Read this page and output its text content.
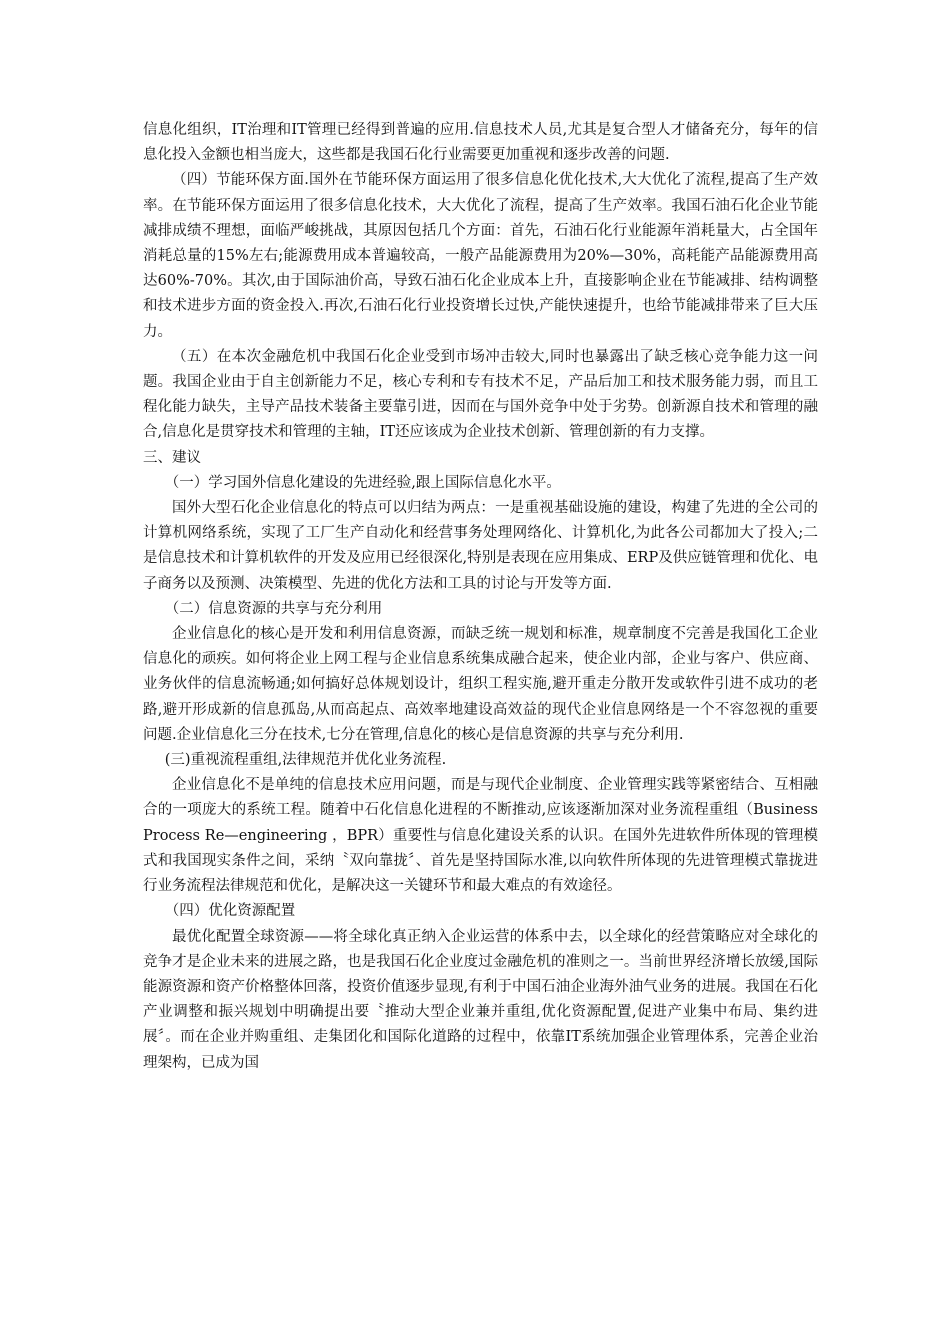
信息化组织，IT治理和IT管理已经得到普遍的应用.信息技术人员,尤其是复合型人才储备充分，每年的信息化投入金额也相当庞大，这些都是我国石化行业需要更加重视和逐步改善的问题.

（四）节能环保方面.国外在节能环保方面运用了很多信息化优化技术,大大优化了流程,提高了生产效率。在节能环保方面运用了很多信息化技术，大大优化了流程，提高了生产效率。我国石油石化企业节能减排成绩不理想，面临严峻挑战，其原因包括几个方面：首先，石油石化行业能源年消耗量大，占全国年消耗总量的15%左右;能源费用成本普遍较高，一般产品能源费用为20%—30%，高耗能产品能源费用高达60%-70%。其次,由于国际油价高，导致石油石化企业成本上升，直接影响企业在节能减排、结构调整和技术进步方面的资金投入.再次,石油石化行业投资增长过快,产能快速提升，也给节能减排带来了巨大压力。

（五）在本次金融危机中我国石化企业受到市场冲击较大,同时也暴露出了缺乏核心竞争能力这一问题。我国企业由于自主创新能力不足，核心专利和专有技术不足，产品后加工和技术服务能力弱，而且工程化能力缺失，主导产品技术装备主要靠引进，因而在与国外竞争中处于劣势。创新源自技术和管理的融合,信息化是贯穿技术和管理的主轴，IT还应该成为企业技术创新、管理创新的有力支撑。

三、建议

（一）学习国外信息化建设的先进经验,跟上国际信息化水平。

国外大型石化企业信息化的特点可以归结为两点：一是重视基础设施的建设，构建了先进的全公司的计算机网络系统，实现了工厂生产自动化和经营事务处理网络化、计算机化,为此各公司都加大了投入;二是信息技术和计算机软件的开发及应用已经很深化,特别是表现在应用集成、ERP及供应链管理和优化、电子商务以及预测、决策模型、先进的优化方法和工具的讨论与开发等方面.

（二）信息资源的共享与充分利用

企业信息化的核心是开发和利用信息资源，而缺乏统一规划和标准，规章制度不完善是我国化工企业信息化的顽疾。如何将企业上网工程与企业信息系统集成融合起来，使企业内部，企业与客户、供应商、业务伙伴的信息流畅通;如何搞好总体规划设计，组织工程实施,避开重走分散开发或软件引进不成功的老路,避开形成新的信息孤岛,从而高起点、高效率地建设高效益的现代企业信息网络是一个不容忽视的重要问题.企业信息化三分在技术,七分在管理,信息化的核心是信息资源的共享与充分利用.

(三)重视流程重组,法律规范并优化业务流程.

企业信息化不是单纯的信息技术应用问题，而是与现代企业制度、企业管理实践等紧密结合、互相融合的一项庞大的系统工程。随着中石化信息化进程的不断推动,应该逐渐加深对业务流程重组（Business Process Re—engineering ，BPR）重要性与信息化建设关系的认识。在国外先进软件所体现的管理模式和我国现实条件之间，采纳〝双向靠拢〞、首先是坚持国际水准,以向软件所体现的先进管理模式靠拢进行业务流程法律规范和优化，是解决这一关键环节和最大难点的有效途径。

（四）优化资源配置

最优化配置全球资源——将全球化真正纳入企业运营的体系中去，以全球化的经营策略应对全球化的竞争才是企业未来的进展之路，也是我国石化企业度过金融危机的准则之一。当前世界经济增长放缓,国际能源资源和资产价格整体回落，投资价值逐步显现,有利于中国石油企业海外油气业务的进展。我国在石化产业调整和振兴规划中明确提出要〝推动大型企业兼并重组,优化资源配置,促进产业集中布局、集约进展〞。而在企业并购重组、走集团化和国际化道路的过程中，依靠IT系统加强企业管理体系，完善企业治理架构，已成为国
